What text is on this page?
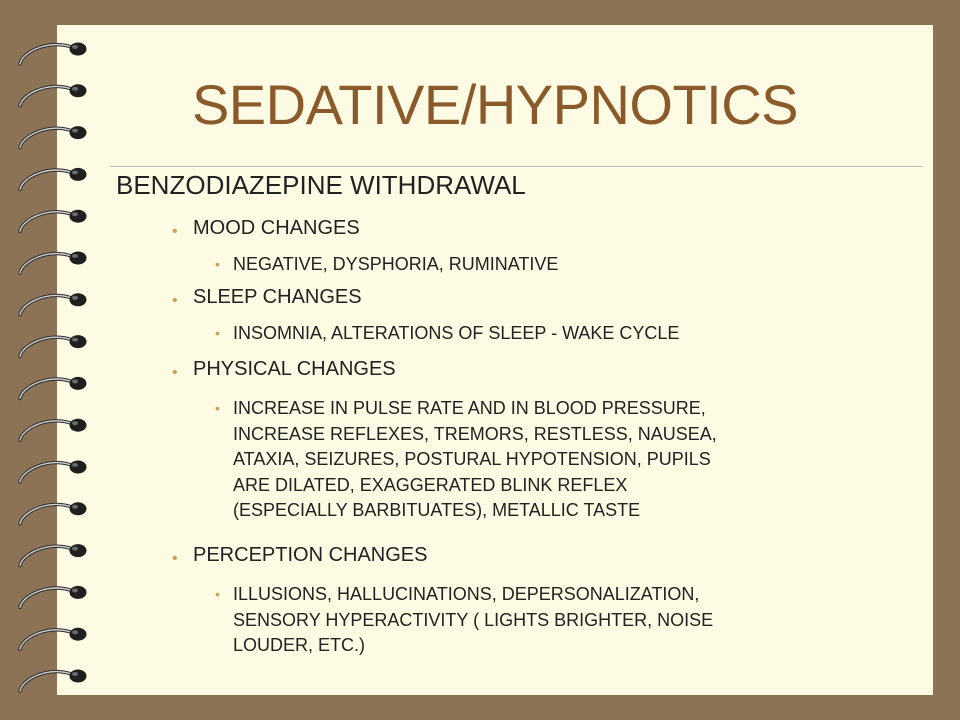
SEDATIVE/HYPNOTICS
BENZODIAZEPINE WITHDRAWAL
• MOOD CHANGES
• NEGATIVE, DYSPHORIA, RUMINATIVE
• SLEEP CHANGES
• INSOMNIA, ALTERATIONS OF SLEEP - WAKE CYCLE
• PHYSICAL CHANGES
• INCREASE IN PULSE RATE AND IN BLOOD PRESSURE,
INCREASE REFLEXES, TREMORS, RESTLESS, NAUSEA,
ATAXIA, SEIZURES, POSTURAL HYPOTENSION, PUPILS
ARE DILATED, EXAGGERATED BLINK REFLEX
(ESPECIALLY BARBITUATES), METALLIC TASTE
• PERCEPTION CHANGES
• ILLUSIONS, HALLUCINATIONS, DEPERSONALIZATION,
SENSORY HYPERACTIVITY ( LIGHTS BRIGHTER, NOISE
LOUDER, ETC.)
